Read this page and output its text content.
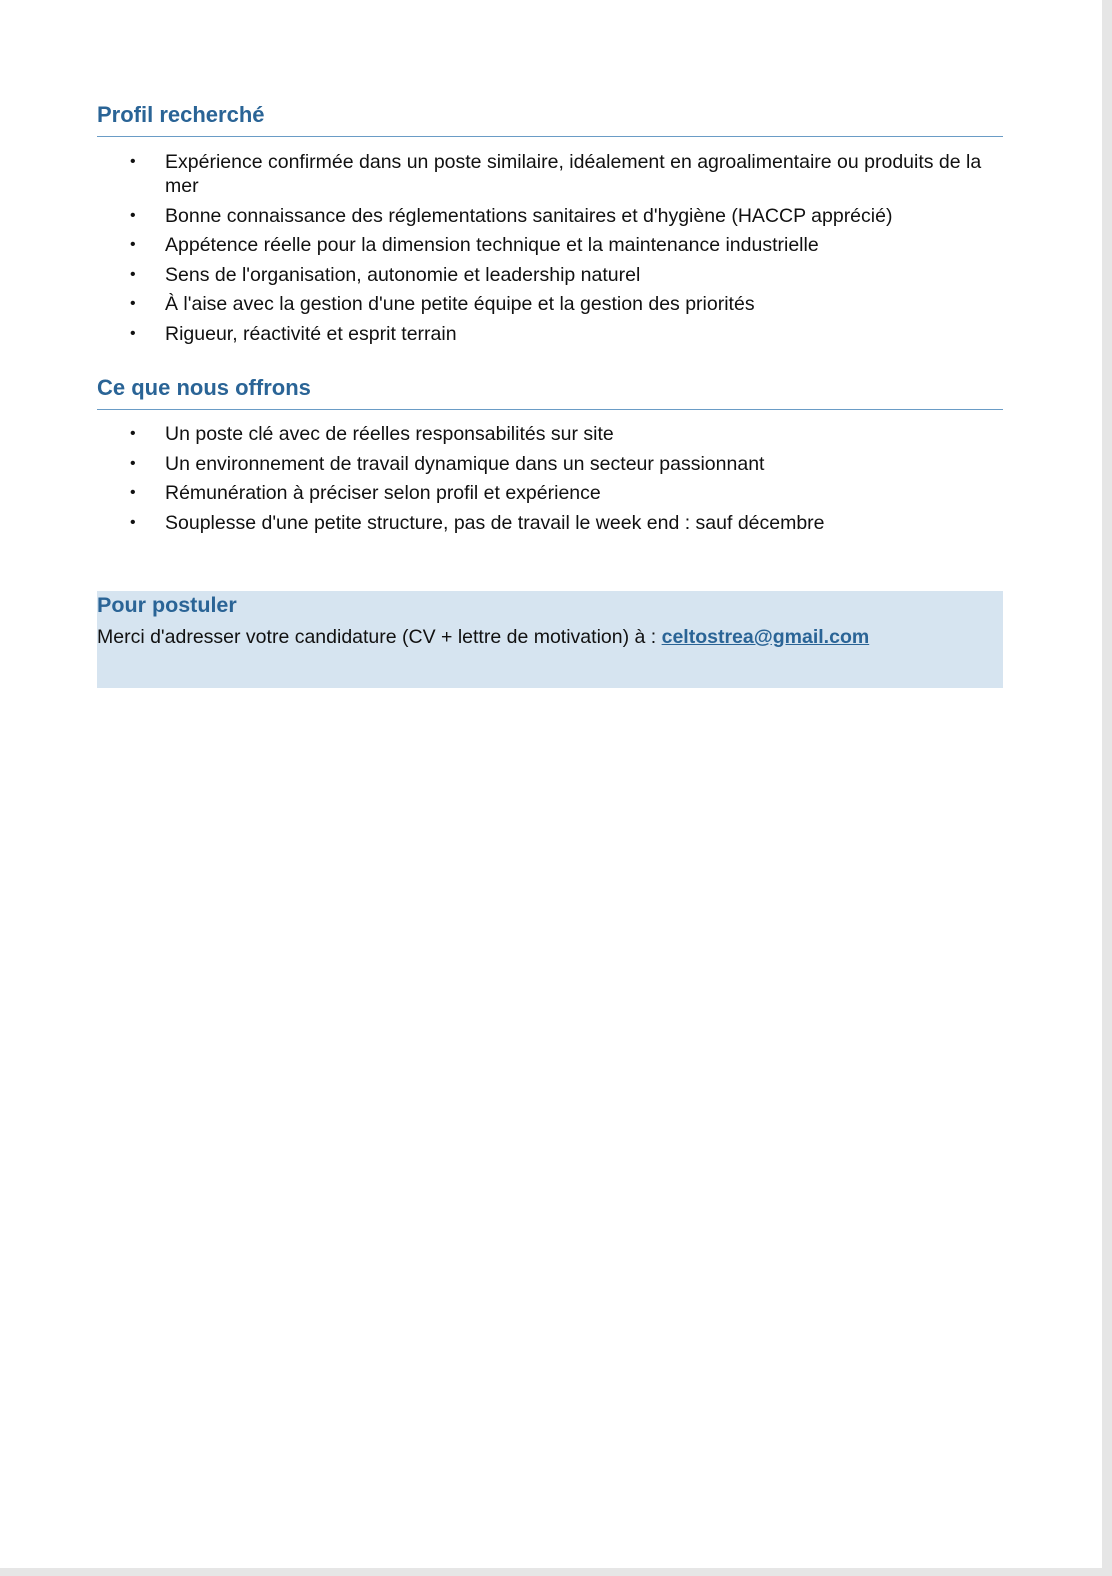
Profil recherché
• Expérience confirmée dans un poste similaire, idéalement en agroalimentaire ou produits de la mer
• Bonne connaissance des réglementations sanitaires et d'hygiène (HACCP apprécié)
• Appétence réelle pour la dimension technique et la maintenance industrielle
• Sens de l'organisation, autonomie et leadership naturel
• À l'aise avec la gestion d'une petite équipe et la gestion des priorités
• Rigueur, réactivité et esprit terrain
Ce que nous offrons
• Un poste clé avec de réelles responsabilités sur site
• Un environnement de travail dynamique dans un secteur passionnant
• Rémunération à préciser selon profil et expérience
• Souplesse d'une petite structure, pas de travail le week end : sauf décembre
Pour postuler

Merci d'adresser votre candidature (CV + lettre de motivation) à : celtostrea@gmail.com
